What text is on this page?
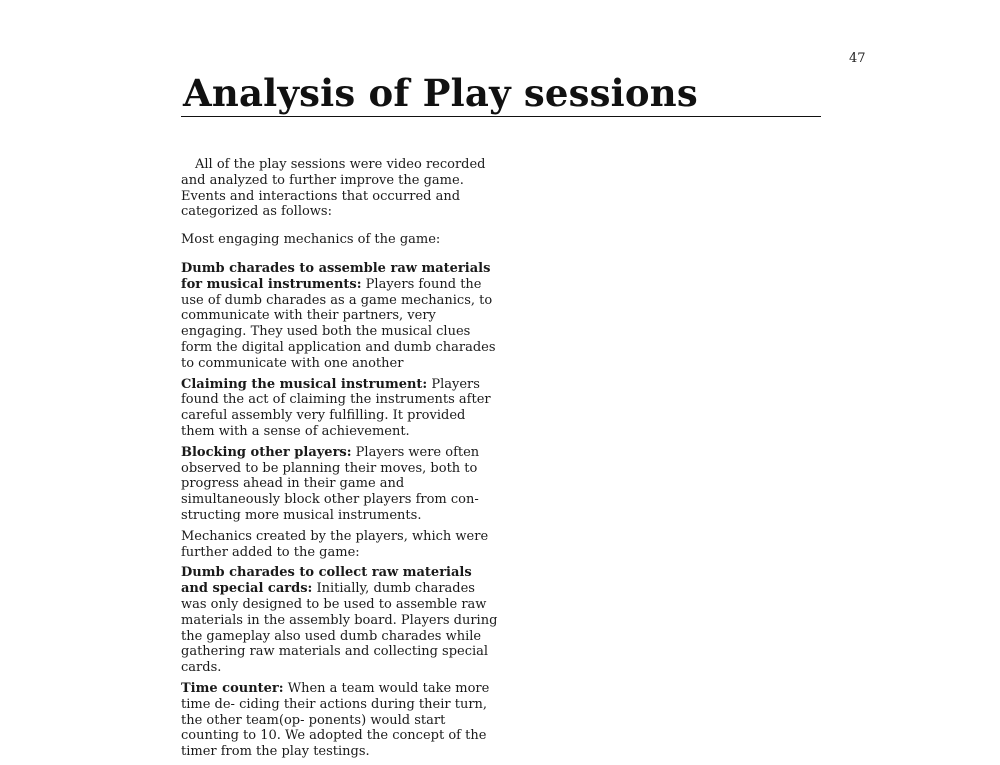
47
Analysis of Play sessions

All of the play sessions were video recorded and analyzed to further improve the game. Events and interactions that occurred and categorized as follows:

Most engaging mechanics of the game:

Dumb charades to assemble raw materials for musical instruments: Players found the use of dumb charades as a game mechanics, to communicate with their partners, very engaging. They used both the musical clues form the digital application and dumb charades to communicate with one another

Claiming the musical instrument: Players found the act of claiming the instruments after careful assembly very fulfilling. It provided them with a sense of achievement.

Blocking other players: Players were often observed to be planning their moves, both to progress ahead in their game and simultaneously block other players from con- structing more musical instruments.

Mechanics created by the players, which were further added to the game:

Dumb charades to collect raw materials and special cards: Initially, dumb charades was only designed to be used to assemble raw materials in the assembly board. Players during the gameplay also used dumb charades while gathering raw materials and collecting special cards.

Time counter: When a team would take more time de- ciding their actions during their turn, the other team(op- ponents) would start counting to 10. We adopted the concept of the timer from the play testings.
